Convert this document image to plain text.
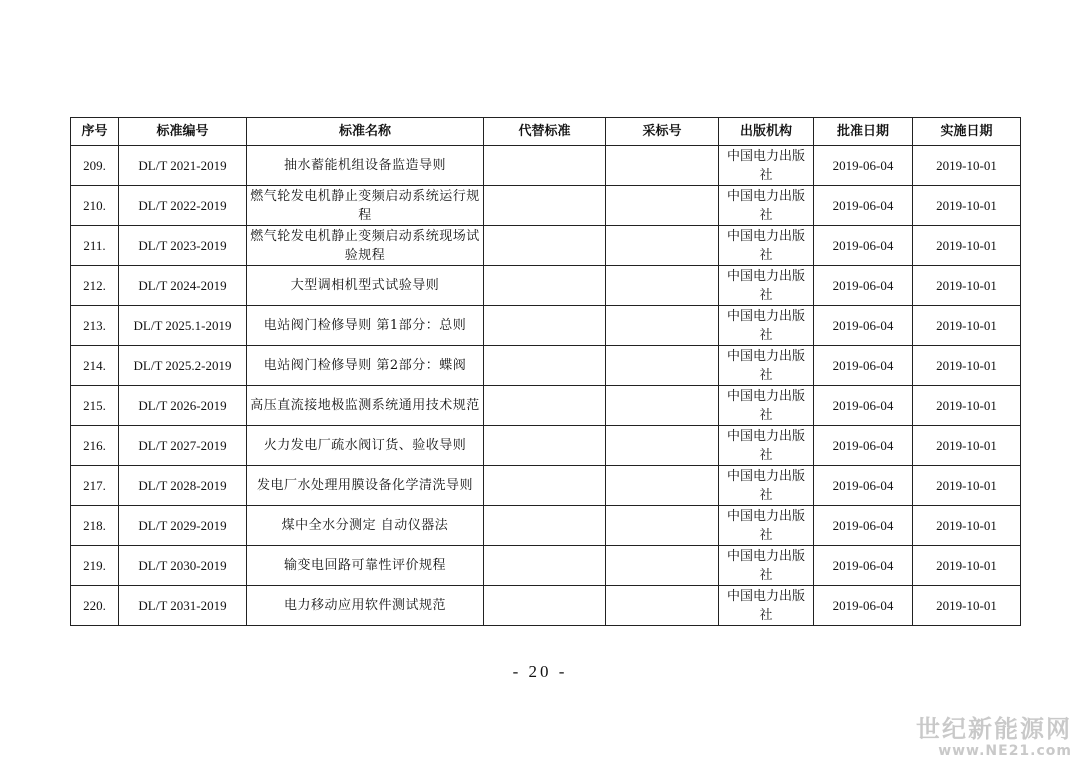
序号	标准编号	标准名称	代替标准	采标号	出版机构	批准日期	实施日期
209.	DL/T 2021-2019	抽水蓄能机组设备监造导则			中国电力出版社	2019-06-04	2019-10-01
210.	DL/T 2022-2019	燃气轮发电机静止变频启动系统运行规程			中国电力出版社	2019-06-04	2019-10-01
211.	DL/T 2023-2019	燃气轮发电机静止变频启动系统现场试验规程			中国电力出版社	2019-06-04	2019-10-01
212.	DL/T 2024-2019	大型调相机型式试验导则			中国电力出版社	2019-06-04	2019-10-01
213.	DL/T 2025.1-2019	电站阀门检修导则 第1部分：总则			中国电力出版社	2019-06-04	2019-10-01
214.	DL/T 2025.2-2019	电站阀门检修导则 第2部分：蝶阀			中国电力出版社	2019-06-04	2019-10-01
215.	DL/T 2026-2019	高压直流接地极监测系统通用技术规范			中国电力出版社	2019-06-04	2019-10-01
216.	DL/T 2027-2019	火力发电厂疏水阀订货、验收导则			中国电力出版社	2019-06-04	2019-10-01
217.	DL/T 2028-2019	发电厂水处理用膜设备化学清洗导则			中国电力出版社	2019-06-04	2019-10-01
218.	DL/T 2029-2019	煤中全水分测定 自动仪器法			中国电力出版社	2019-06-04	2019-10-01
219.	DL/T 2030-2019	输变电回路可靠性评价规程			中国电力出版社	2019-06-04	2019-10-01
220.	DL/T 2031-2019	电力移动应用软件测试规范			中国电力出版社	2019-06-04	2019-10-01
- 20 -
世纪新能源网
www.NE21.com
